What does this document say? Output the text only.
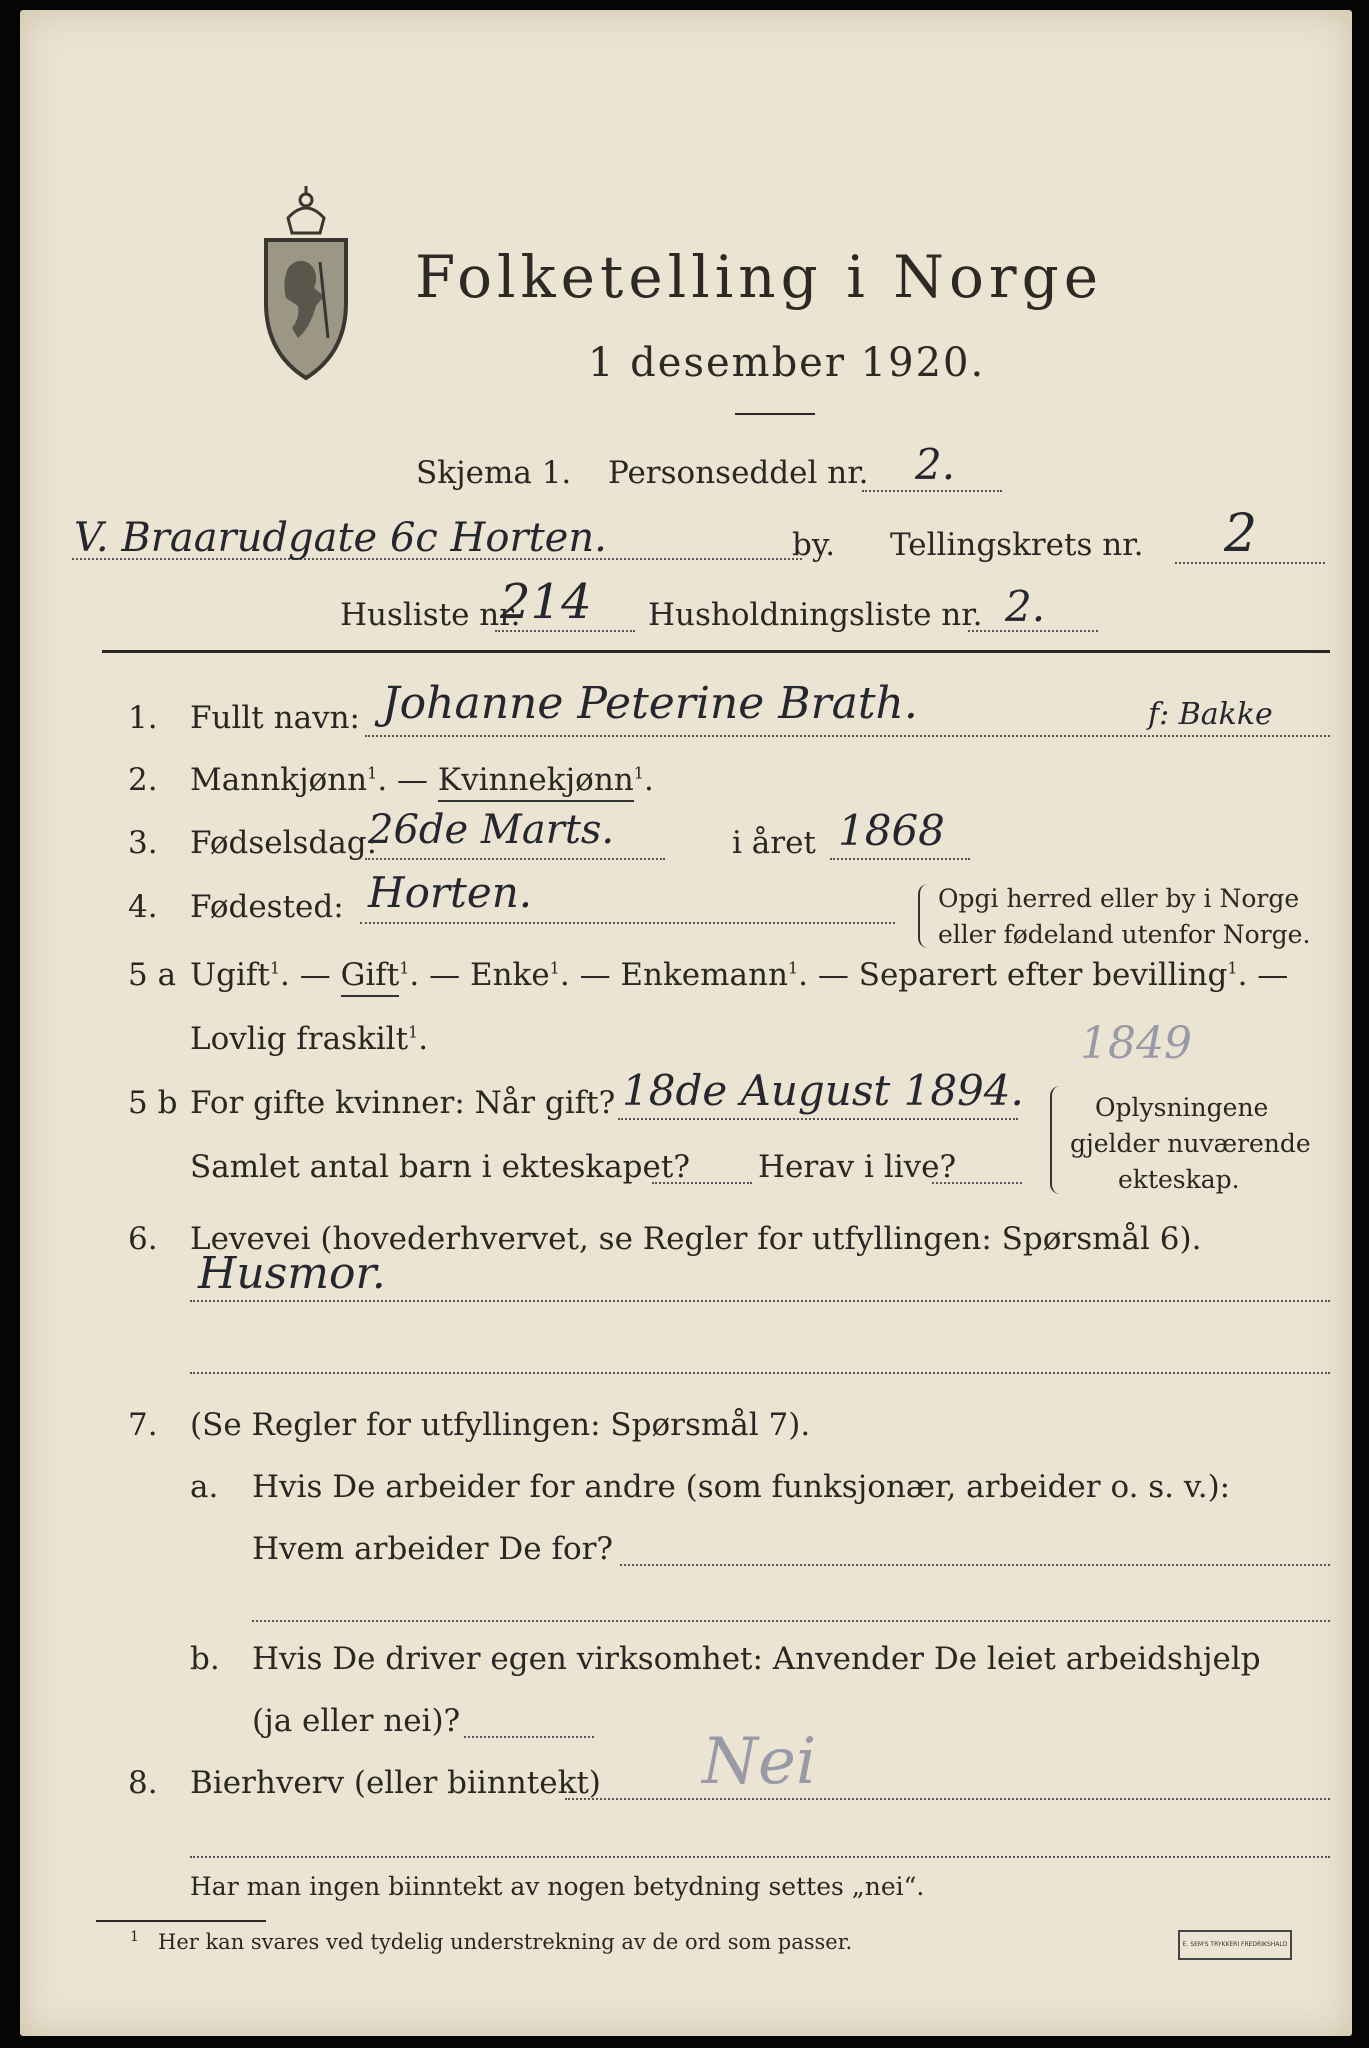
Folketelling i Norge
1 desember 1920.
Skjema 1. Personseddel nr. 2.
V. Braarudgate 6c Horten.	by. Tellingskrets nr. 2
Husliste nr.
214 Husholdningsliste nr. 2.
1. Fullt navn: Johanne Peterine Brath.	f: Bakke
2. Mannkjønn$^1$. — Kvinnekjønn$^1$.
3. Fødselsdag:
26de Marts.	i året 1868
4. Fødested: Horten.	Opgi herred eller by i Norge
eller fødeland utenfor Norge.
5 a Ugift$^1$. — Gift$^1$. — Enke$^1$. — Enkemann$^1$. — Separert efter bevilling$^1$. —
Lovlig fraskilt$^1$.	1849
5 b For gifte kvinner: Når gift? 18de August 1894.
Samlet antal barn i ekteskapet? Herav i live?
Oplysningene
gjelder nuværende
ekteskap.
6. Levevei (hovederhvervet, se Regler for utfyllingen: Spørsmål 6).
Husmor.
7. (Se Regler for utfyllingen: Spørsmål 7).
a. Hvis De arbeider for andre (som funksjonær, arbeider o. s. v.):
Hvem arbeider De for?
b. Hvis De driver egen virksomhet: Anvender De leiet arbeidshjelp
(ja eller nei)?
8. Bierhverv (eller biinntekt) Nei
Har man ingen biinntekt av nogen betydning settes „nei“.
1 Her kan svares ved tydelig understrekning av de ord som passer.	E. SEM'S TRYKKERI FREDRIKSHALD
